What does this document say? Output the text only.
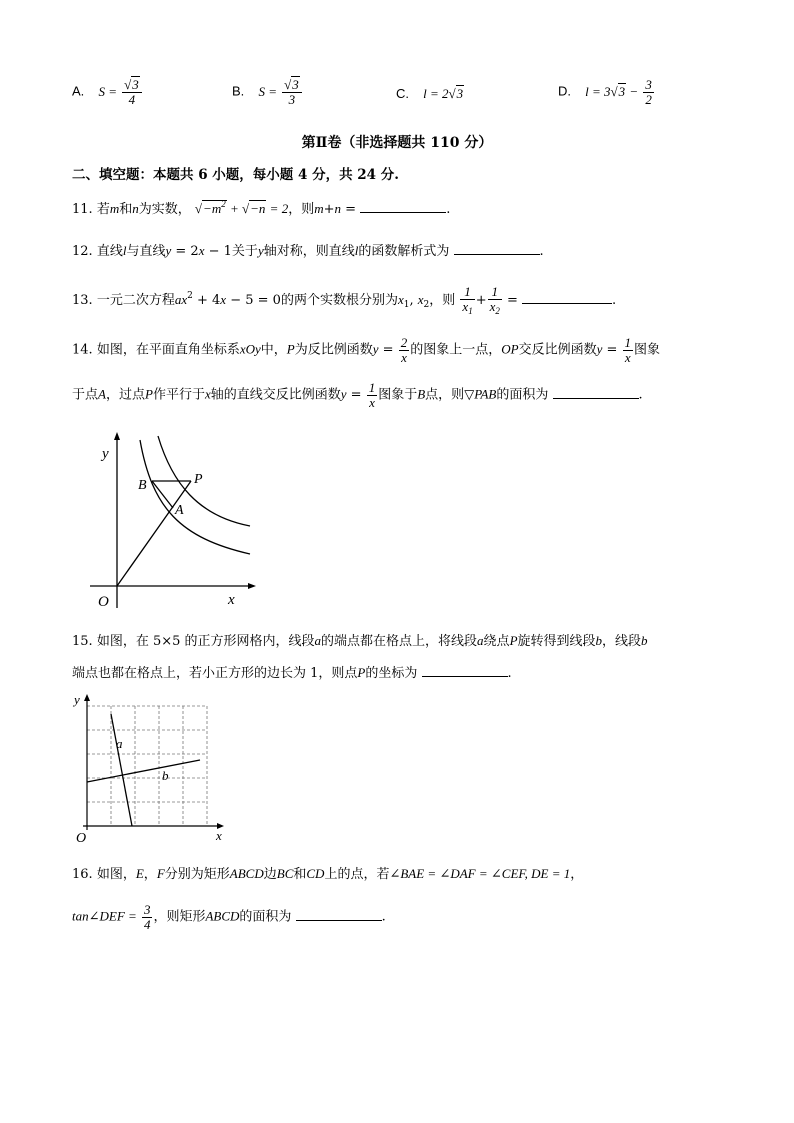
A. $S = \frac{√3}{4}$	B. $S = \frac{√3}{3}$	C. l = 2√3	D. $l = 3√3 - \frac{3}{2}$
第Ⅱ卷（非选择题共 110 分）
二、填空题：本题共 6 小题，每小题 4 分，共 24 分.
11. 若m和n为实数， $√-m^2 + √-n = 2$，则m+n =	.
12. 直线l与直线y = 2x − 1关于y轴对称，则直线l的函数解析式为	.
13. 一元二次方程$ax^2 + 4x - 5 = 0$的两个实数根分别为$x_1$, $x_2$，则 $\frac{1}{x_1} + \frac{1}{x_2}$ =	.
14. 如图，在平面直角坐标系xOy中，P为反比例函数$y = \frac{2}{x}$ 的图象上一点，OP交反比例函数$y = \frac{1}{x}$ 图象
于点A，过点P作平行于x轴的直线交反比例函数$y = \frac{1}{x}$ 图象于B点，则▽PAB的面积为	.
y
x
O
B	P
A
15. 如图，在 5×5 的正方形网格内，线段a的端点都在格点上，将线段a绕点P旋转得到线段b，线段b
端点也都在格点上，若小正方形的边长为 1，则点P的坐标为	.
y
x
O
a
b
16. 如图，E，F分别为矩形ABCD边BC和CD上的点，若∠BAE = ∠DAF = ∠CEF, DE = 1，
tan∠DEF = $\frac{3}{4}$ ，则矩形ABCD的面积为	.
